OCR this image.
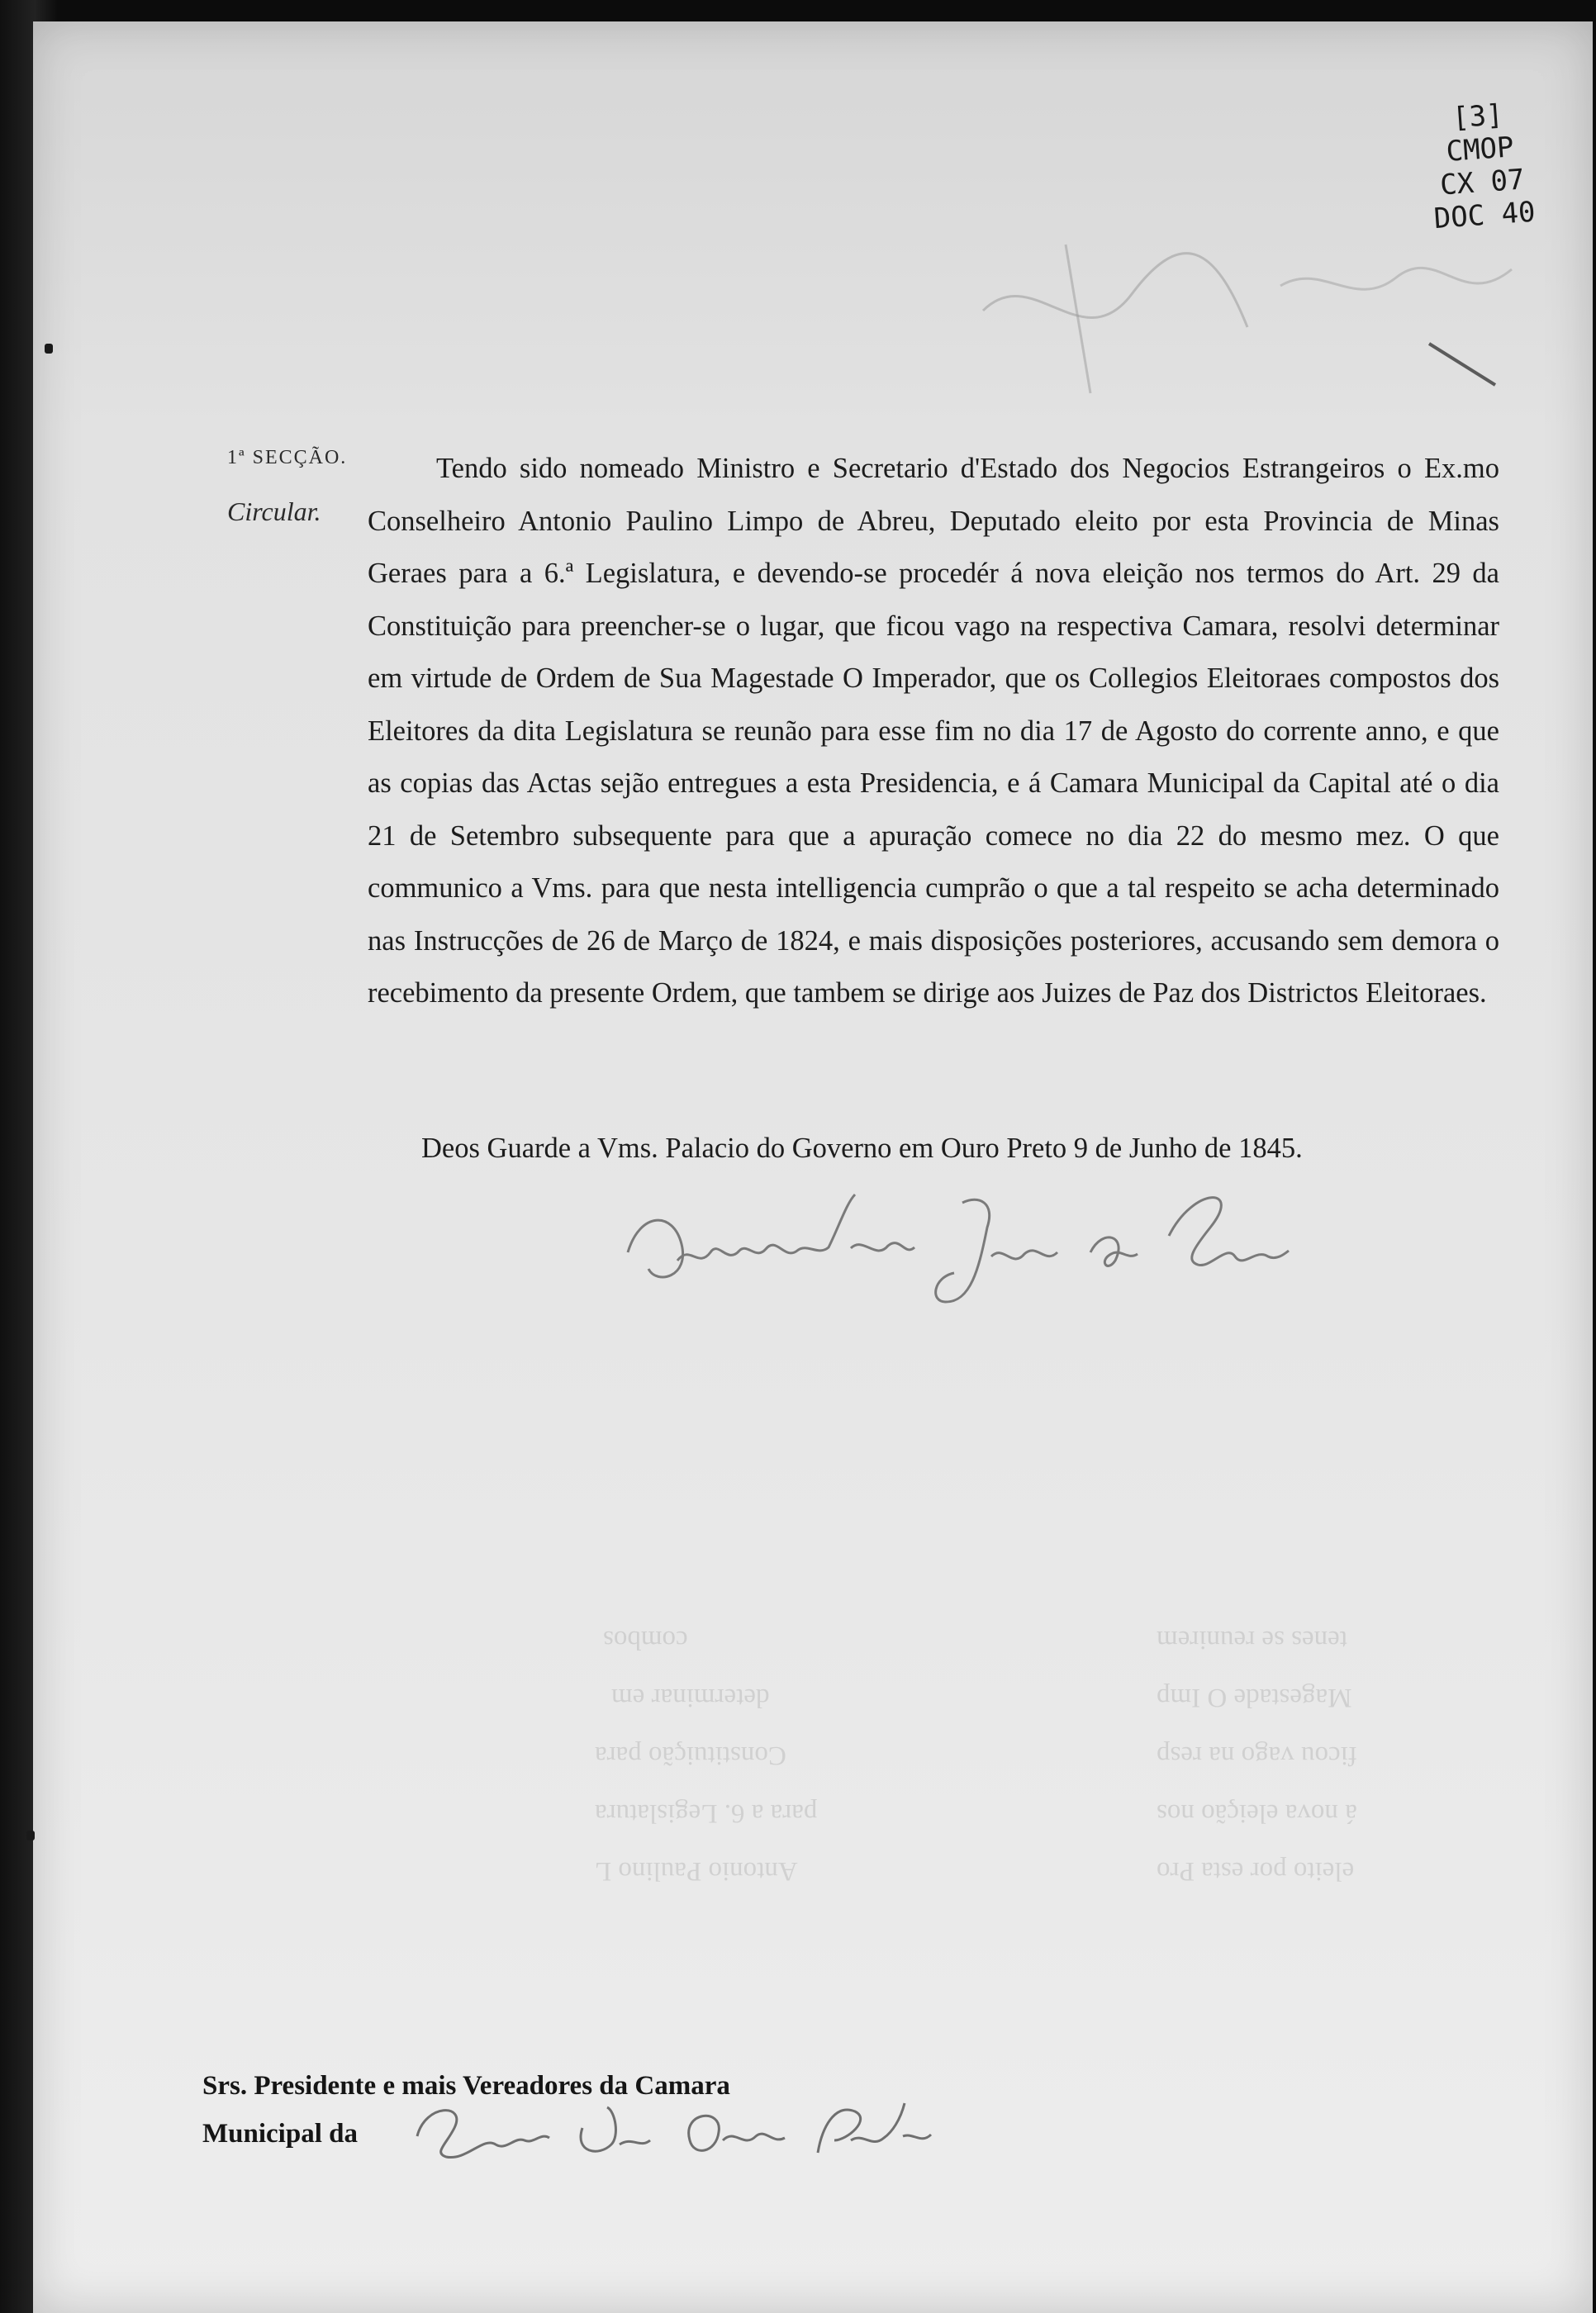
[3]
CMOP
CX 07
DOC 40
1ª SECÇÃO.
Circular.
Tendo sido nomeado Ministro e Secretario d'Estado dos Negocios Estrangeiros o Ex.mo Conselheiro Antonio Paulino Limpo de Abreu, Deputado eleito por esta Provincia de Minas Geraes para a 6.ª Legislatura, e devendo-se procedér á nova eleição nos termos do Art. 29 da Constituição para preencher-se o lugar, que ficou vago na respectiva Camara, resolvi determinar em virtude de Ordem de Sua Magestade O Imperador, que os Collegios Eleitoraes compostos dos Eleitores da dita Legislatura se reunão para esse fim no dia 17 de Agosto do corrente anno, e que as copias das Actas sejão entregues a esta Presidencia, e á Camara Municipal da Capital até o dia 21 de Setembro subsequente para que a apuração comece no dia 22 do mesmo mez. O que communico a Vms. para que nesta intelligencia cumprão o que a tal respeito se acha determinado nas Instrucções de 26 de Março de 1824, e mais disposições posteriores, accusando sem demora o recebimento da presente Ordem, que tambem se dirige aos Juizes de Paz dos Districtos Eleitoraes.
Deos Guarde a Vms. Palacio do Governo em Ouro Preto 9 de Junho de 1845.
combos	tenes se reunirem
determinar em	Magestade O Imp
Constituição para	ficou vago na resp
para a 6. Legislatura	á nova eleição nos
Antonio Paulino L	eleito por esta Pro
Srs. Presidente e mais Vereadores da Camara
Municipal da
